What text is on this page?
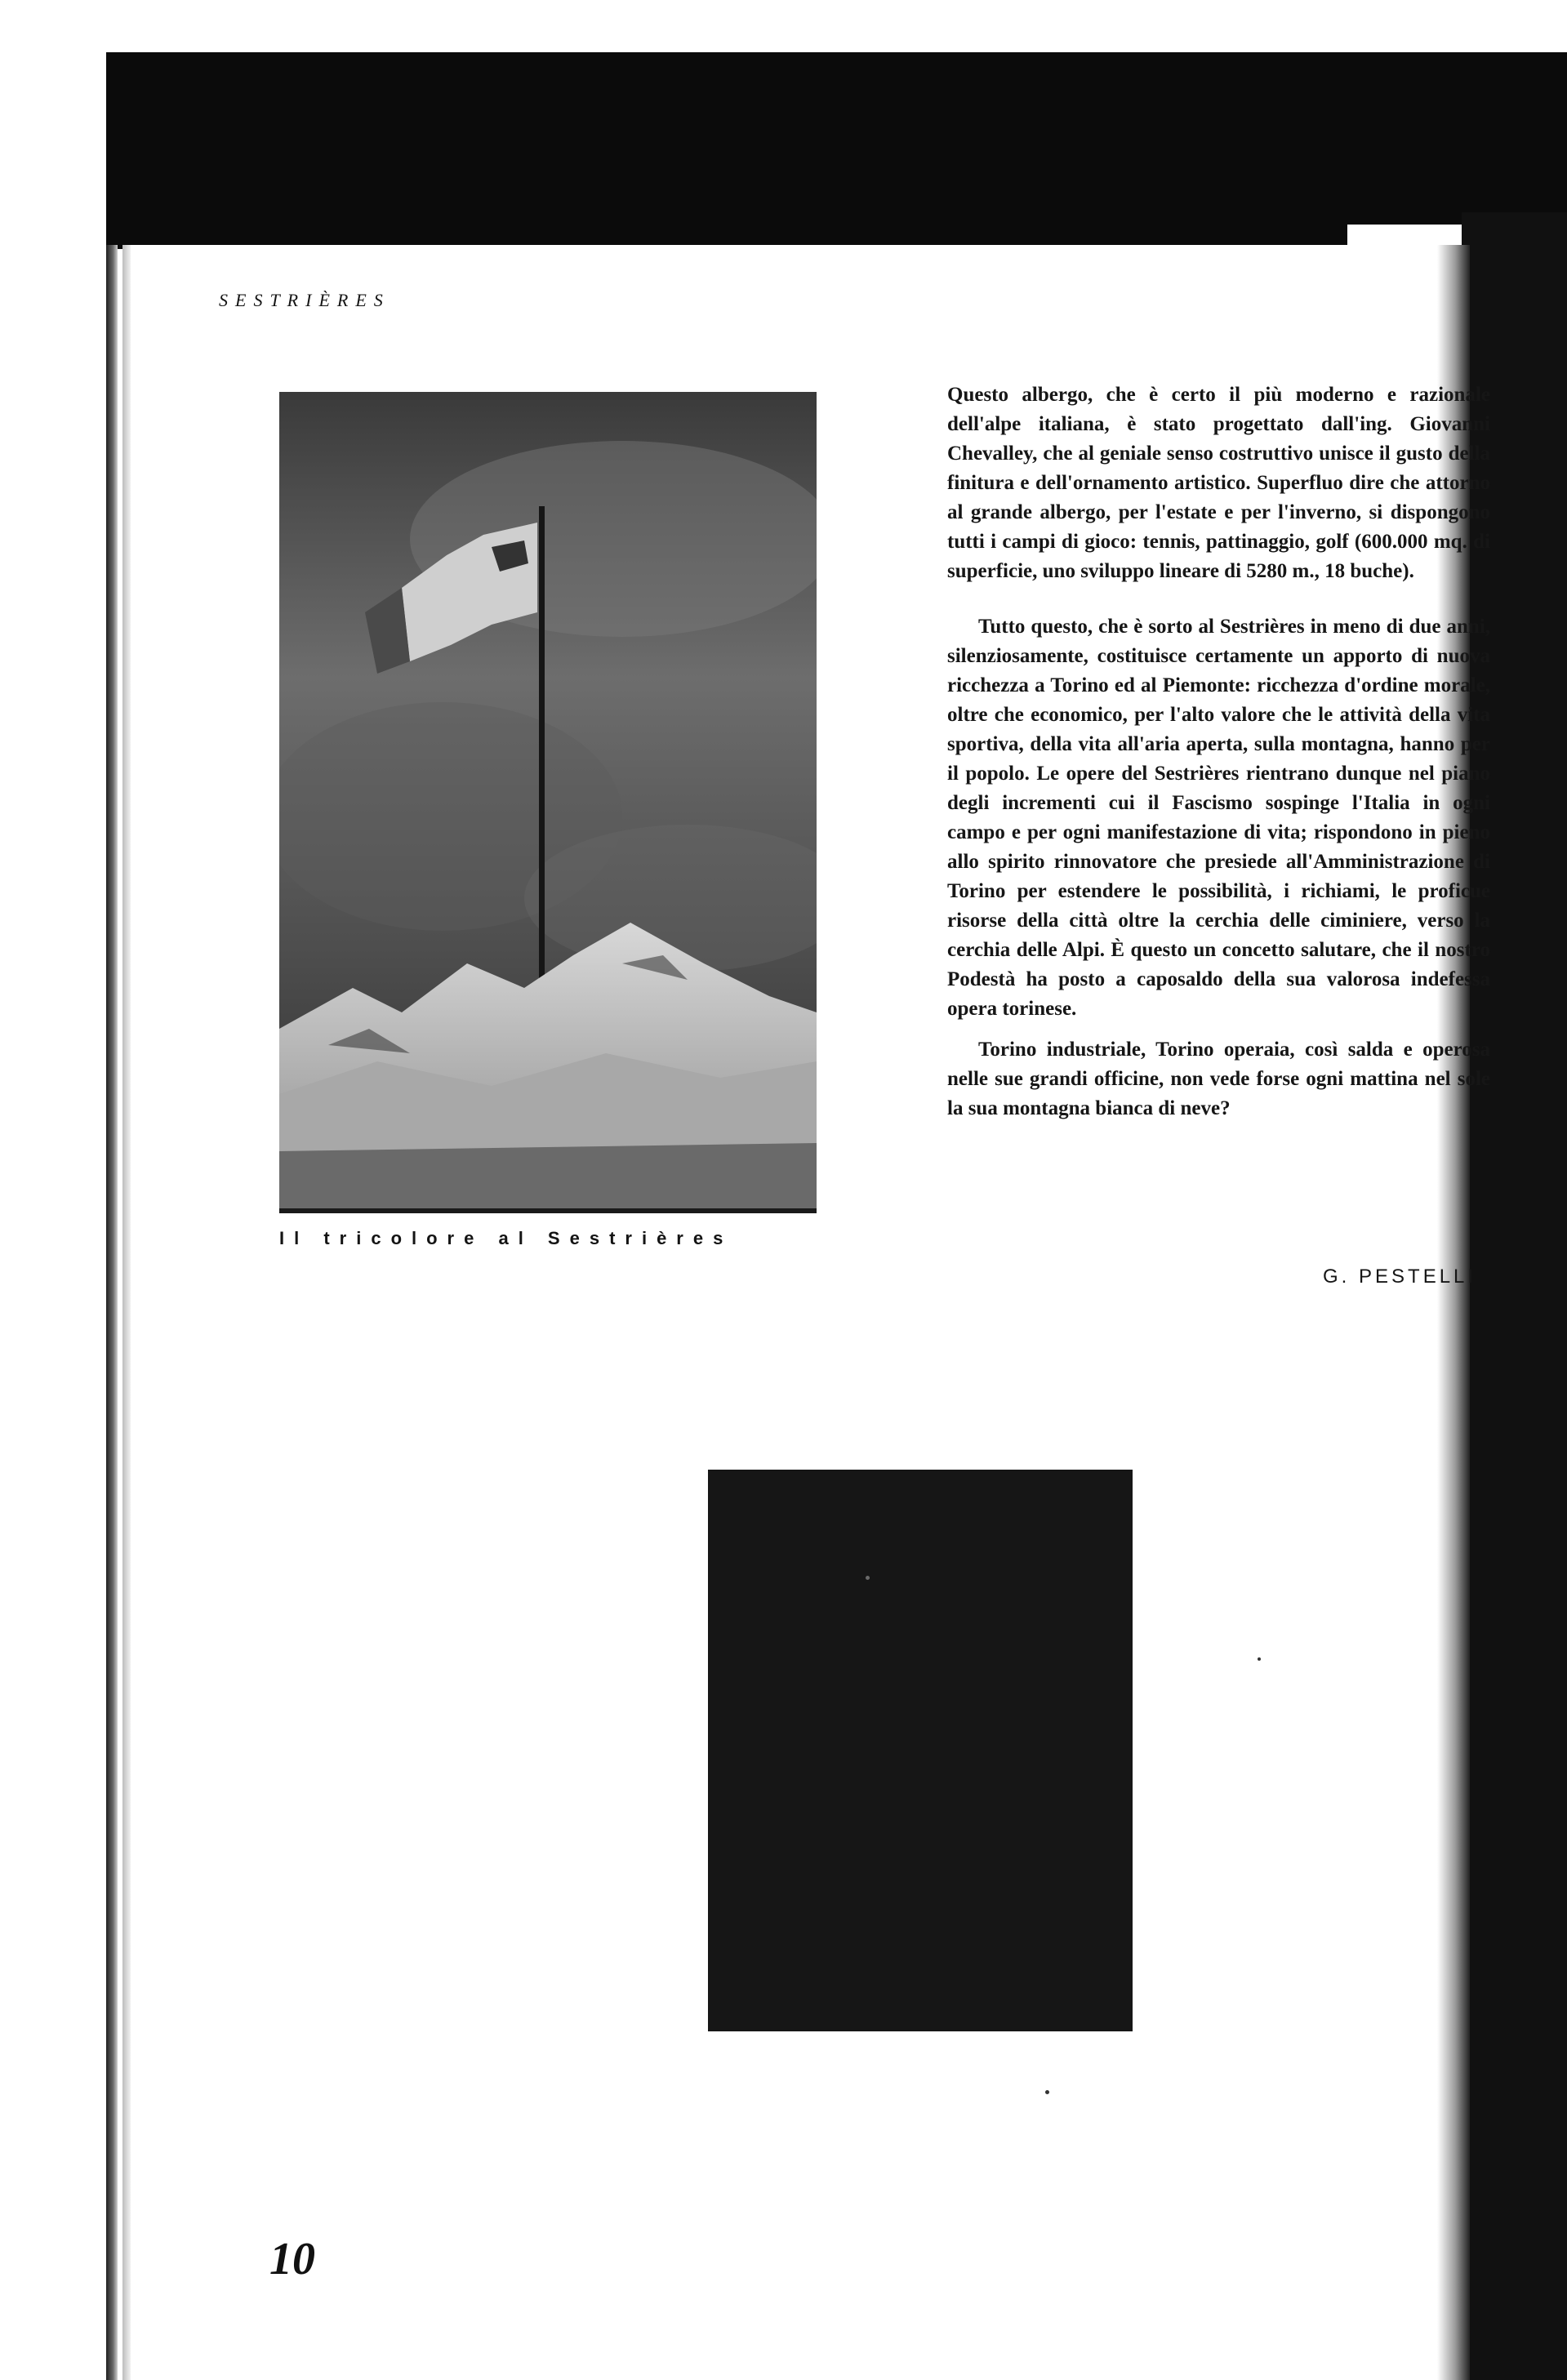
SESTRIÈRES
Il tricolore al Sestrières

Questo albergo, che è certo il più moderno e razionale dell'alpe italiana, è stato progettato dall'ing. Giovanni Chevalley, che al geniale senso costruttivo unisce il gusto della finitura e dell'ornamento artistico. Superfluo dire che attorno al grande albergo, per l'estate e per l'inverno, si dispongono tutti i campi di gioco: tennis, pattinaggio, golf (600.000 mq. di superficie, uno sviluppo lineare di 5280 m., 18 buche).

Tutto questo, che è sorto al Sestrières in meno di due anni, silenziosamente, costituisce certamente un apporto di nuova ricchezza a Torino ed al Piemonte: ricchezza d'ordine morale, oltre che economico, per l'alto valore che le attività della vita sportiva, della vita all'aria aperta, sulla montagna, hanno per il popolo. Le opere del Sestrières rientrano dunque nel piano degli incrementi cui il Fascismo sospinge l'Italia in ogni campo e per ogni manifestazione di vita; rispondono in pieno allo spirito rinnovatore che presiede all'Amministrazione di Torino per estendere le possibilità, i richiami, le proficue risorse della città oltre la cerchia delle ciminiere, verso la cerchia delle Alpi. È questo un concetto salutare, che il nostro Podestà ha posto a caposaldo della sua valorosa indefessa opera torinese.

Torino industriale, Torino operaia, così salda e operosa nelle sue grandi officine, non vede forse ogni mattina nel sole la sua montagna bianca di neve?

G. PESTELLI
10
